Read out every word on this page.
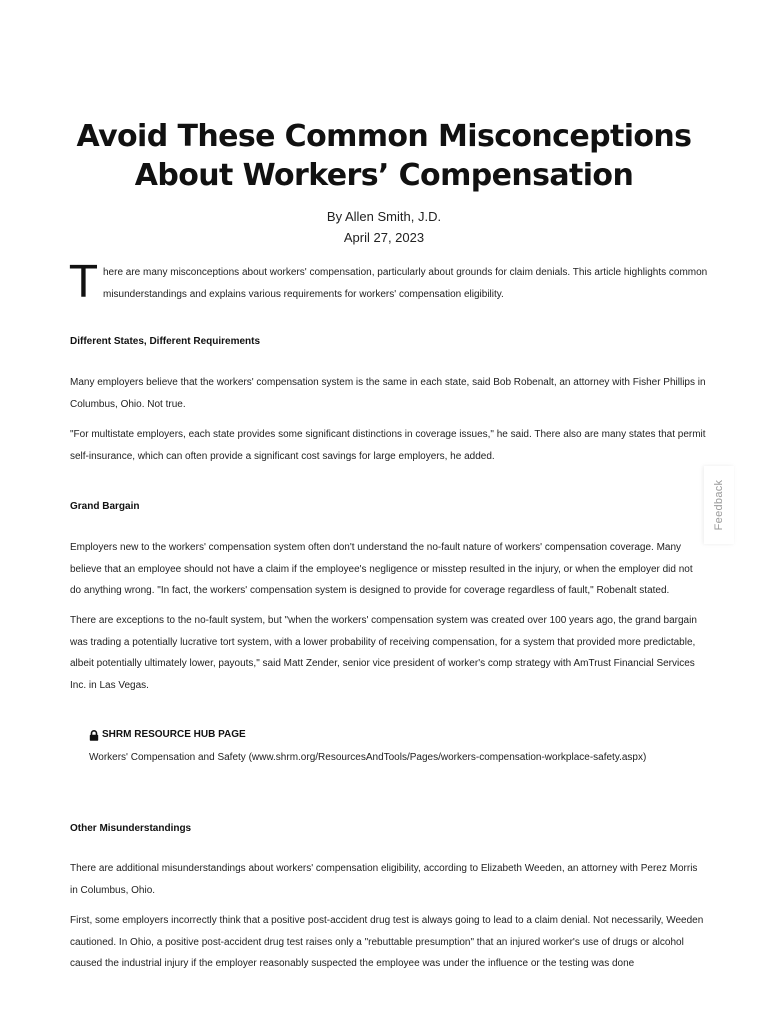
Avoid These Common Misconceptions
About Workers’ Compensation

By Allen Smith, J.D.

April 27, 2023

T here are many misconceptions about workers' compensation, particularly about grounds for claim denials. This article highlights common misunderstandings and explains various requirements for workers' compensation eligibility.

Different States, Different Requirements

Many employers believe that the workers' compensation system is the same in each state, said Bob Robenalt, an attorney with Fisher Phillips in Columbus, Ohio. Not true.

"For multistate employers, each state provides some significant distinctions in coverage issues," he said. There also are many states that permit self-insurance, which can often provide a significant cost savings for large employers, he added.

Grand Bargain

Employers new to the workers' compensation system often don't understand the no-fault nature of workers' compensation coverage. Many believe that an employee should not have a claim if the employee's negligence or misstep resulted in the injury, or when the employer did not do anything wrong. "In fact, the workers' compensation system is designed to provide for coverage regardless of fault," Robenalt stated.

There are exceptions to the no-fault system, but "when the workers' compensation system was created over 100 years ago, the grand bargain was trading a potentially lucrative tort system, with a lower probability of receiving compensation, for a system that provided more predictable, albeit potentially ultimately lower, payouts," said Matt Zender, senior vice president of worker's comp strategy with AmTrust Financial Services Inc. in Las Vegas.

SHRM RESOURCE HUB PAGE
Workers' Compensation and Safety (www.shrm.org/ResourcesAndTools/Pages/workers-compensation-workplace-safety.aspx)
Other Misunderstandings

There are additional misunderstandings about workers' compensation eligibility, according to Elizabeth Weeden, an attorney with Perez Morris in Columbus, Ohio.

First, some employers incorrectly think that a positive post-accident drug test is always going to lead to a claim denial. Not necessarily, Weeden cautioned. In Ohio, a positive post-accident drug test raises only a "rebuttable presumption" that an injured worker's use of drugs or alcohol caused the industrial injury if the employer reasonably suspected the employee was under the influence or the testing was done

Feedback
